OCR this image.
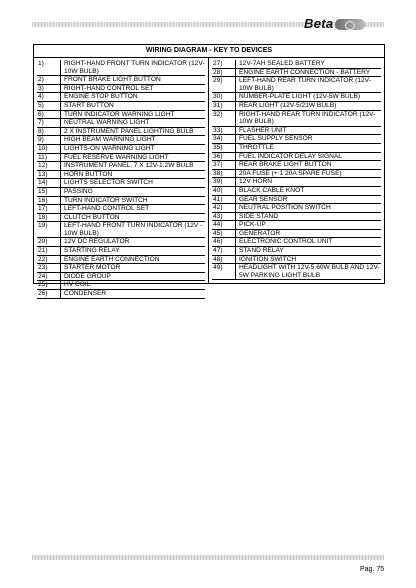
Beta
WIRING DIAGRAM - KEY TO DEVICES
1)	RIGHT-HAND FRONT TURN INDICATOR (12V-10W BULB)
2)	FRONT BRAKE LIGHT BUTTON
3)	RIGHT-HAND CONTROL SET
4)	ENGINE STOP BUTTON
5)	START BUTTON
6)	TURN INDICATOR WARNING LIGHT
7)	NEUTRAL WARNING LIGHT
8)	2 X INSTRUMENT PANEL LIGHTING BULB
9)	HIGH BEAM WARNING LIGHT
10)	LIGHTS-ON WARNING LIGHT
11)	FUEL RESERVE WARNING LIGHT
12)	INSTRUMENT PANEL, 7 X 12V-1.2W BULB
13)	HORN BUTTON
14)	LIGHTS SELECTOR SWITCH
15)	PASSING
16)	TURN INDICATOR SWITCH
17)	LEFT-HAND CONTROL SET
18)	CLUTCH BUTTON
19)	LEFT-HAND FRONT TURN INDICATOR (12V - 10W BULB)
20)	12V DC REGULATOR
21)	STARTING RELAY
22)	ENGINE EARTH CONNECTION
23)	STARTER MOTOR
24)	DIODE GROUP
25)	HV COIL
26)	CONDENSER
27)	12V-7AH SEALED BATTERY
28)	ENGINE EARTH CONNECTION - BATTERY
29)	LEFT-HAND REAR TURN INDICATOR (12V-10W BULB)
30)	NUMBER-PLATE LIGHT (12V-5W BULB)
31)	REAR LIGHT (12V-5/21W BULB)
32)	RIGHT-HAND REAR TURN INDICATOR (12V-10W BULB)
33)	FLASHER UNIT
34)	FUEL SUPPLY SENSOR
35)	THROTTLE
36)	FUEL INDICATOR DELAY SIGNAL
37)	REAR BRAKE LIGHT BUTTON
38)	20A FUSE (+ 1 20A SPARE FUSE)
39)	12V HORN
40)	BLACK CABLE KNOT
41)	GEAR SENSOR
42)	NEUTRAL POSITION SWITCH
43)	SIDE STAND
44)	PICK-UP
45)	GENERATOR
46)	ELECTRONIC CONTROL UNIT
47)	STAND RELAY
48)	IGNITION SWITCH
49)	HEADLIGHT WITH 12V-5.60W BULB AND 12V-5W PARKING LIGHT BULB
Pag. 75
